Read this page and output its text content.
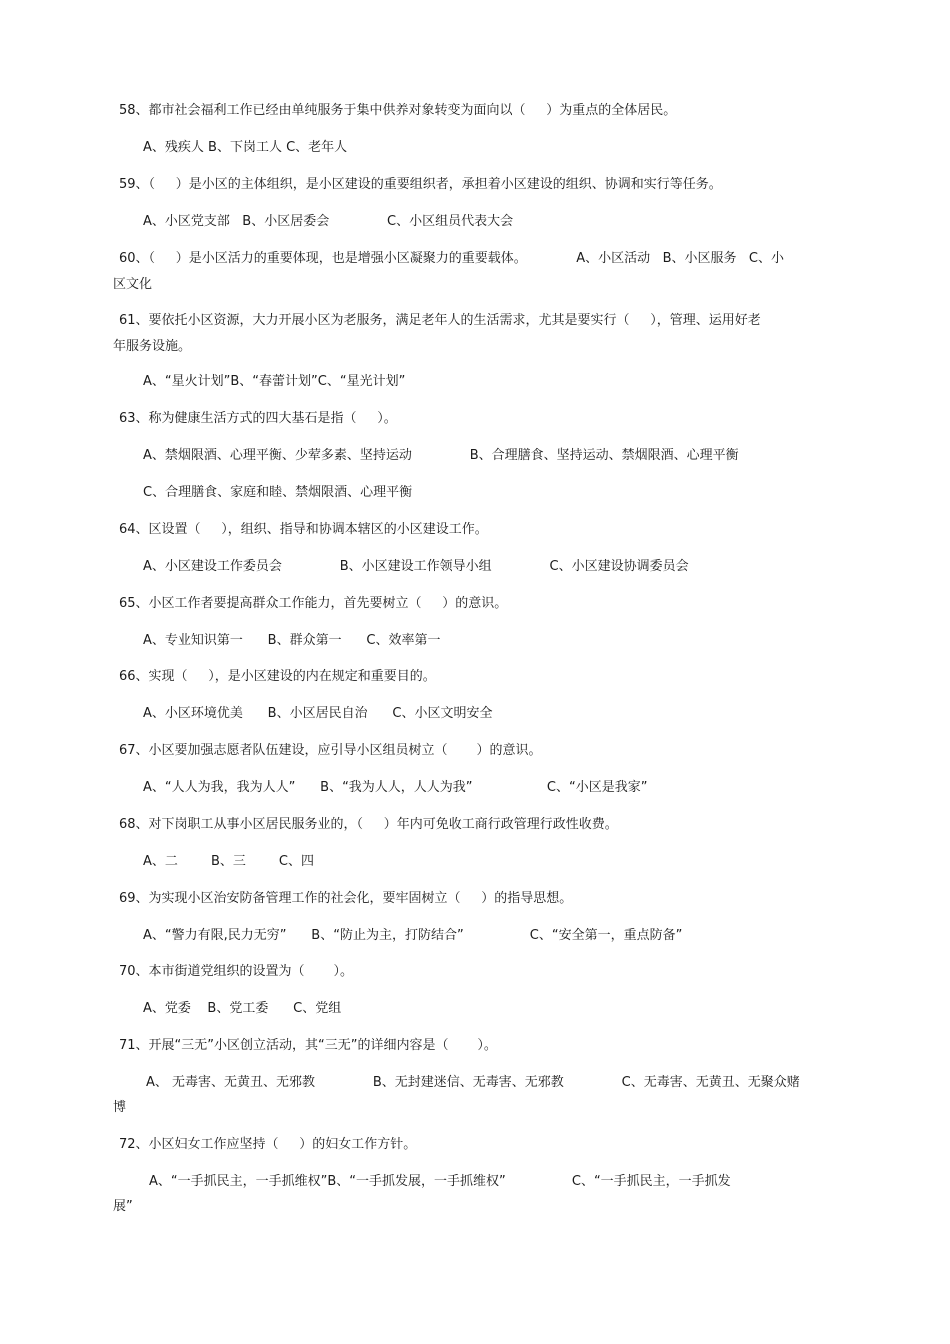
58、都市社会福利工作已经由单纯服务于集中供养对象转变为面向以（     ）为重点的全体居民。
A、残疾人 B、下岗工人 C、老年人
59、（     ）是小区的主体组织，是小区建设的重要组织者，承担着小区建设的组织、协调和实行等任务。
A、小区党支部   B、小区居委会              C、小区组员代表大会
60、（     ）是小区活力的重要体现，也是增强小区凝聚力的重要载体。            A、小区活动   B、小区服务   C、小
区文化
61、要依托小区资源，大力开展小区为老服务，满足老年人的生活需求，尤其是要实行（     ），管理、运用好老
年服务设施。
A、“星火计划”B、“春蕾计划”C、“星光计划”
63、称为健康生活方式的四大基石是指（     ）。
A、禁烟限酒、心理平衡、少荤多素、坚持运动              B、合理膳食、坚持运动、禁烟限酒、心理平衡
C、合理膳食、家庭和睦、禁烟限酒、心理平衡
64、区设置（     ），组织、指导和协调本辖区的小区建设工作。
A、小区建设工作委员会              B、小区建设工作领导小组              C、小区建设协调委员会
65、小区工作者要提高群众工作能力，首先要树立（     ）的意识。
A、专业知识第一      B、群众第一      C、效率第一
66、实现（     ），是小区建设的内在规定和重要目的。
A、小区环境优美      B、小区居民自治      C、小区文明安全
67、小区要加强志愿者队伍建设，应引导小区组员树立（       ）的意识。
A、“人人为我，我为人人”      B、“我为人人，人人为我”                  C、“小区是我家”
68、对下岗职工从事小区居民服务业的，（     ）年内可免收工商行政管理行政性收费。
A、二        B、三        C、四
69、为实现小区治安防备管理工作的社会化，要牢固树立（     ）的指导思想。
A、“警力有限,民力无穷”      B、“防止为主，打防结合”                C、“安全第一，重点防备”
70、本市街道党组织的设置为（       ）。
A、党委    B、党工委      C、党组
71、开展“三无”小区创立活动，其“三无”的详细内容是（       ）。
A、 无毒害、无黄丑、无邪教              B、无封建迷信、无毒害、无邪教              C、无毒害、无黄丑、无聚众赌
博
72、小区妇女工作应坚持（     ）的妇女工作方针。
A、“一手抓民主，一手抓维权”B、“一手抓发展，一手抓维权”                C、“一手抓民主，一手抓发
展”
